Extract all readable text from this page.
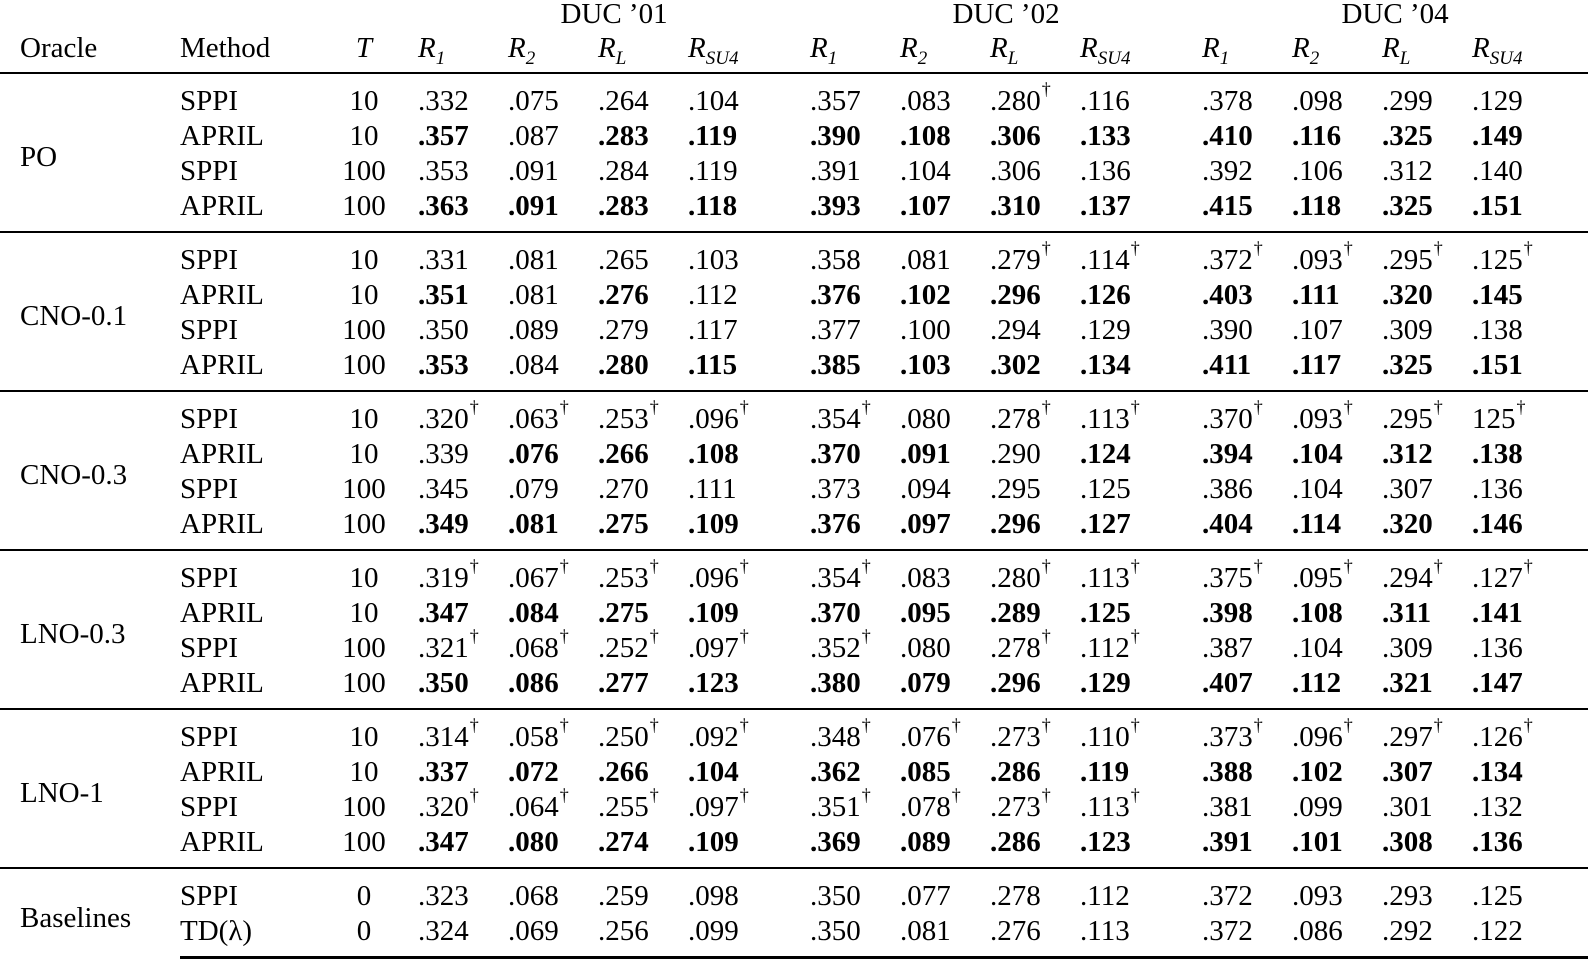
			DUC ’01				DUC ’02				DUC ’04			
Oracle	Method	T	$R_1$	$R_2$	$R_L$	$R_{SU4}$	$R_1$	$R_2$	$R_L$	$R_{SU4}$	$R_1$	$R_2$	$R_L$	$R_{SU4}$
PO	SPPI	10	.332	.075	.264	.104	.357	.083	.280†	.116	.378	.098	.299	.129
	APRIL	10	.357	.087	.283	.119	.390	.108	.306	.133	.410	.116	.325	.149
	SPPI	100	.353	.091	.284	.119	.391	.104	.306	.136	.392	.106	.312	.140
	APRIL	100	.363	.091	.283	.118	.393	.107	.310	.137	.415	.118	.325	.151
CNO-0.1	SPPI	10	.331	.081	.265	.103	.358	.081	.279†	.114†	.372†	.093†	.295†	.125†
	APRIL	10	.351	.081	.276	.112	.376	.102	.296	.126	.403	.111	.320	.145
	SPPI	100	.350	.089	.279	.117	.377	.100	.294	.129	.390	.107	.309	.138
	APRIL	100	.353	.084	.280	.115	.385	.103	.302	.134	.411	.117	.325	.151
CNO-0.3	SPPI	10	.320†	.063†	.253†	.096†	.354†	.080	.278†	.113†	.370†	.093†	.295†	125†
	APRIL	10	.339	.076	.266	.108	.370	.091	.290	.124	.394	.104	.312	.138
	SPPI	100	.345	.079	.270	.111	.373	.094	.295	.125	.386	.104	.307	.136
	APRIL	100	.349	.081	.275	.109	.376	.097	.296	.127	.404	.114	.320	.146
LNO-0.3	SPPI	10	.319†	.067†	.253†	.096†	.354†	.083	.280†	.113†	.375†	.095†	.294†	.127†
	APRIL	10	.347	.084	.275	.109	.370	.095	.289	.125	.398	.108	.311	.141
	SPPI	100	.321†	.068†	.252†	.097†	.352†	.080	.278†	.112†	.387	.104	.309	.136
	APRIL	100	.350	.086	.277	.123	.380	.079	.296	.129	.407	.112	.321	.147
LNO-1	SPPI	10	.314†	.058†	.250†	.092†	.348†	.076†	.273†	.110†	.373†	.096†	.297†	.126†
	APRIL	10	.337	.072	.266	.104	.362	.085	.286	.119	.388	.102	.307	.134
	SPPI	100	.320†	.064†	.255†	.097†	.351†	.078†	.273†	.113†	.381	.099	.301	.132
	APRIL	100	.347	.080	.274	.109	.369	.089	.286	.123	.391	.101	.308	.136
Baselines	SPPI	0	.323	.068	.259	.098	.350	.077	.278	.112	.372	.093	.293	.125
	TD(λ)	0	.324	.069	.256	.099	.350	.081	.276	.113	.372	.086	.292	.122
